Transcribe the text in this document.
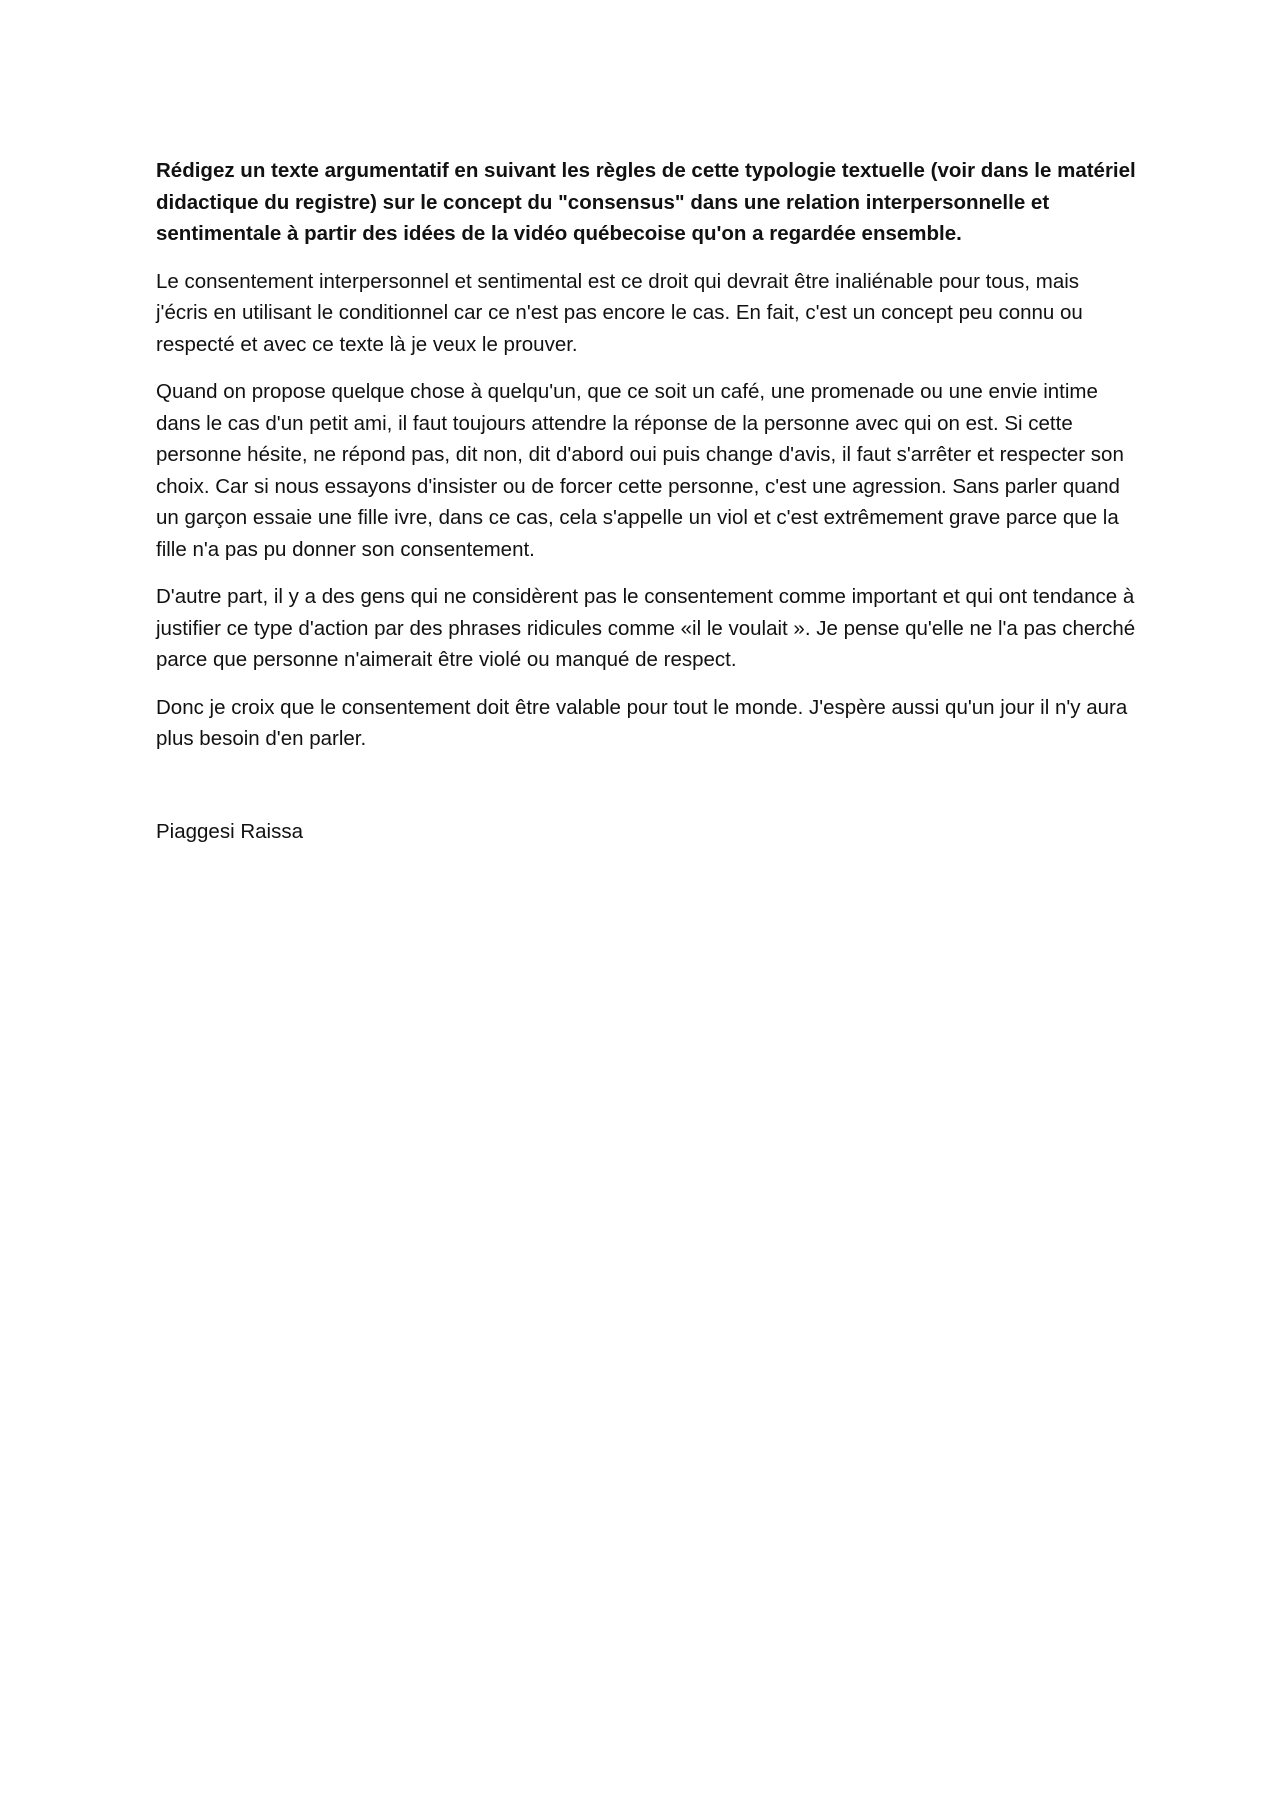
Rédigez un texte argumentatif en suivant les règles de cette typologie textuelle (voir dans le matériel didactique du registre) sur le concept du "consensus" dans une relation interpersonnelle et sentimentale à partir des idées de la vidéo québecoise qu'on a regardée ensemble.

Le consentement interpersonnel et sentimental est ce droit qui devrait être inaliénable pour tous, mais j'écris en utilisant le conditionnel car ce n'est pas encore le cas. En fait, c'est un concept peu connu ou respecté et avec ce texte là je veux le prouver.

Quand on propose quelque chose à quelqu'un, que ce soit un café, une promenade ou une envie intime dans le cas d'un petit ami, il faut toujours attendre la réponse de la personne avec qui on est. Si cette personne hésite, ne répond pas, dit non, dit d'abord oui puis change d'avis, il faut s'arrêter et respecter son choix. Car si nous essayons d'insister ou de forcer cette personne, c'est une agression. Sans parler quand un garçon essaie une fille ivre, dans ce cas, cela s'appelle un viol et c'est extrêmement grave parce que la fille n'a pas pu donner son consentement.

D'autre part, il y a des gens qui ne considèrent pas le consentement comme important et qui ont tendance à justifier ce type d'action par des phrases ridicules comme «il le voulait ». Je pense qu'elle ne l'a pas cherché parce que personne n'aimerait être violé ou manqué de respect.

Donc je croix que le consentement doit être valable pour tout le monde. J'espère aussi qu'un jour il n'y aura plus besoin d'en parler.

Piaggesi Raissa
